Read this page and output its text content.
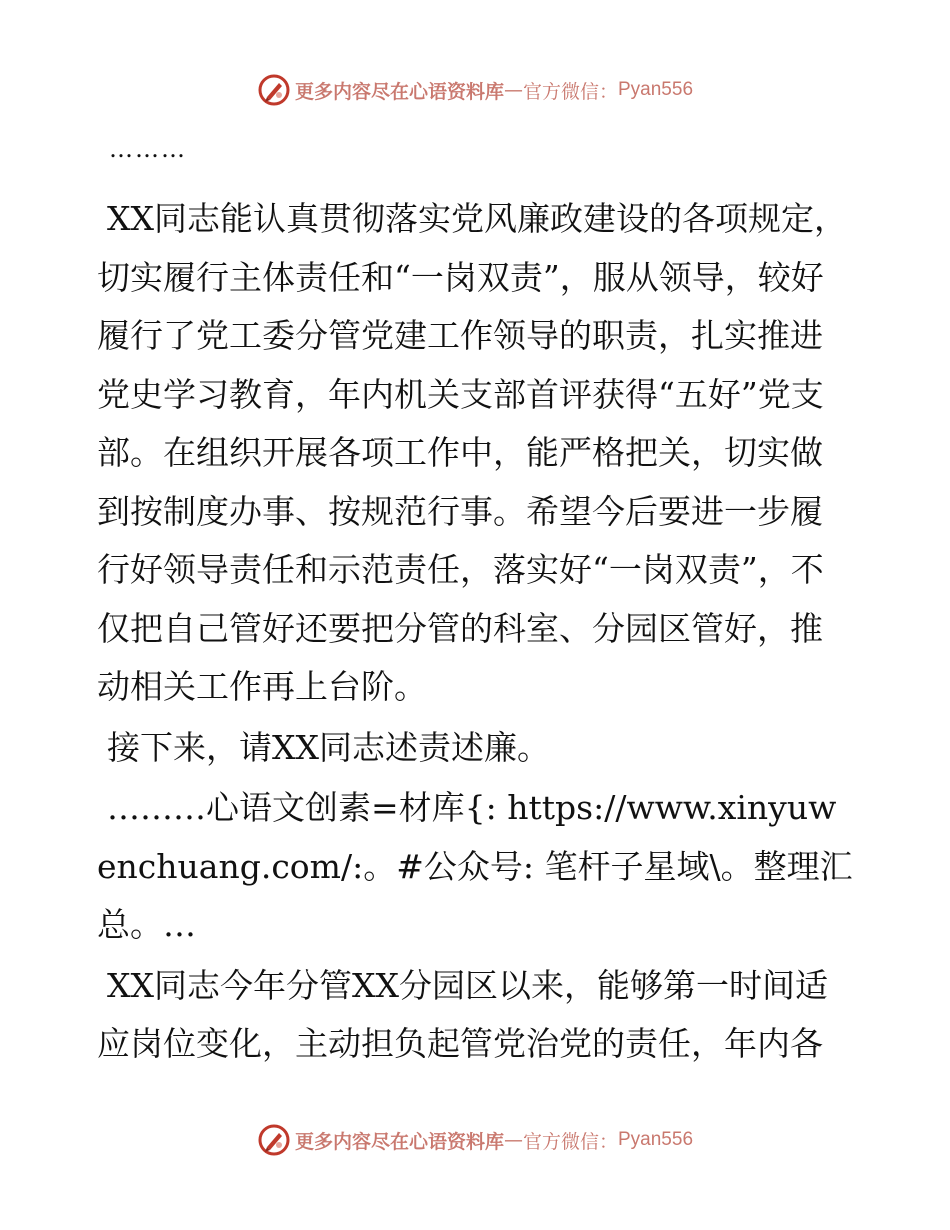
更多内容尽在心语资料库 — 官方微信： Pyan556
………

XX同志能认真贯彻落实党风廉政建设的各项规定，切实履行主体责任和“一岗双责”，服从领导，较好履行了党工委分管党建工作领导的职责，扎实推进党史学习教育，年内机关支部首评获得“五好”党支部。在组织开展各项工作中，能严格把关，切实做到按制度办事、按规范行事。希望今后要进一步履行好领导责任和示范责任，落实好“一岗双责”，不仅把自己管好还要把分管的科室、分园区管好，推动相关工作再上台阶。

接下来，请XX同志述责述廉。

………心语文创素=材库{: https://www.xinyuwenchuang.com/:。#公众号: 笔杆子星域\。整理汇总。…

XX同志今年分管XX分园区以来，能够第一时间适应岗位变化，主动担负起管党治党的责任，年内各

更多内容尽在心语资料库 — 官方微信： Pyan556
